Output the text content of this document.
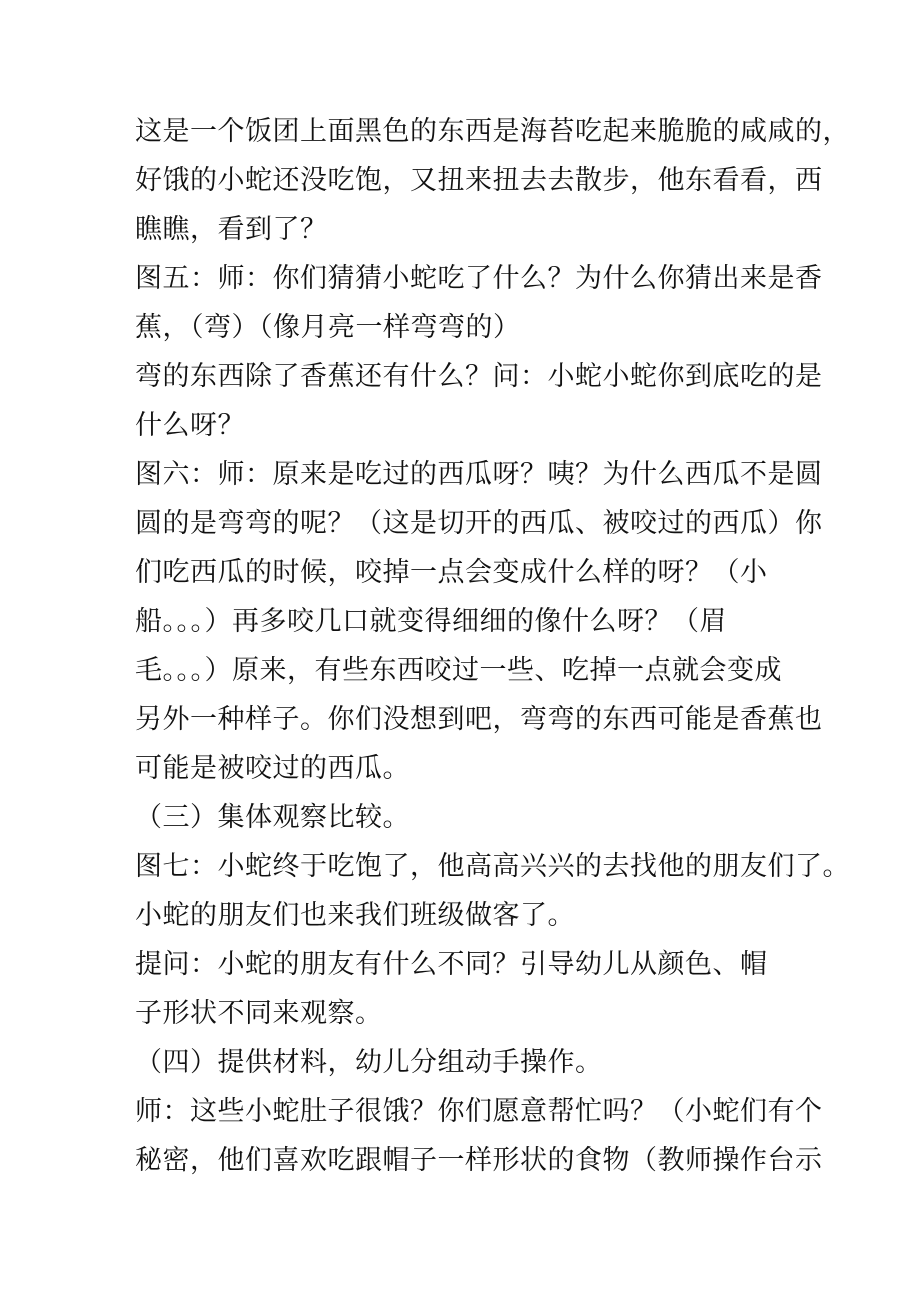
这是一个饭团上面黑色的东西是海苔吃起来脆脆的咸咸的，
好饿的小蛇还没吃饱，又扭来扭去去散步，他东看看，西
瞧瞧，看到了？
图五：师：你们猜猜小蛇吃了什么？为什么你猜出来是香
蕉，（弯）（像月亮一样弯弯的）
弯的东西除了香蕉还有什么？问：小蛇小蛇你到底吃的是
什么呀？
图六：师：原来是吃过的西瓜呀？咦？为什么西瓜不是圆
圆的是弯弯的呢？（这是切开的西瓜、被咬过的西瓜）你
们吃西瓜的时候，咬掉一点会变成什么样的呀？（小
船。。。）再多咬几口就变得细细的像什么呀？（眉
毛。。。）原来，有些东西咬过一些、吃掉一点就会变成
另外一种样子。你们没想到吧，弯弯的东西可能是香蕉也
可能是被咬过的西瓜。
（三）集体观察比较。
图七：小蛇终于吃饱了，他高高兴兴的去找他的朋友们了。
小蛇的朋友们也来我们班级做客了。
提问：小蛇的朋友有什么不同？引导幼儿从颜色、帽
子形状不同来观察。
（四）提供材料，幼儿分组动手操作。
师：这些小蛇肚子很饿？你们愿意帮忙吗？（小蛇们有个
秘密，他们喜欢吃跟帽子一样形状的食物（教师操作台示
